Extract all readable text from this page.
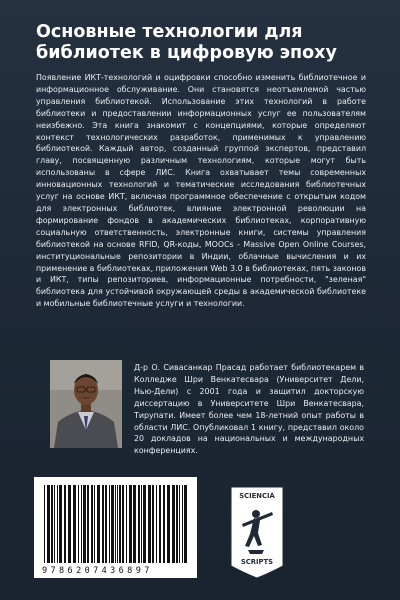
Основные технологии для библиотек в цифровую эпоху

Появление ИКТ-технологий и оцифровки способно изменить библиотечное и информационное обслуживание. Они становятся неотъемлемой частью управления библиотекой. Использование этих технологий в работе библиотеки и предоставлении информационных услуг ее пользователям неизбежно. Эта книга знакомит с концепциями, которые определяют контекст технологических разработок, применимых к управлению библиотекой. Каждый автор, созданный группой экспертов, представил главу, посвященную различным технологиям, которые могут быть использованы в сфере ЛИС. Книга охватывает темы современных инновационных технологий и тематические исследования библиотечных услуг на основе ИКТ, включая программное обеспечение с открытым кодом для электронных библиотек, влияние электронной революции на формирование фондов в академических библиотеках, корпоративную социальную ответственность, электронные книги, системы управления библиотекой на основе RFID, QR-коды, MOOCs - Massive Open Online Courses, институциональные репозитории в Индии, облачные вычисления и их применение в библиотеках, приложения Web 3.0 в библиотеках, пять законов и ИКТ, типы репозиториев, информационные потребности, "зеленая" библиотека для устойчивой окружающей среды в академической библиотеке и мобильные библиотечные услуги и технологии.

Д-р О. Сивасанкар Прасад работает библиотекарем в Колледже Шри Венкатесвара (Университет Дели, Нью-Дели) с 2001 года и защитил докторскую диссертацию в Университете Шри Венкатесвара, Тирупати. Имеет более чем 18-летний опыт работы в области ЛИС. Опубликовал 1 книгу, представил около 20 докладов на национальных и международных конференциях.

9786207436897
SCIENCIA
SCRIPTS
